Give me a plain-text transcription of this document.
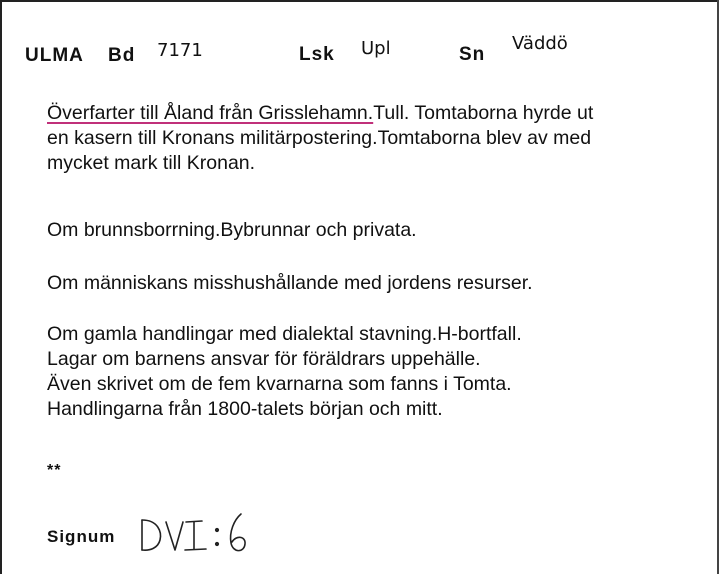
ULMA Bd 7171	Lsk Upl	Sn
Väddö
Överfarter till Åland från Grisslehamn.Tull. Tomtaborna hyrde ut
en kasern till Kronans militärpostering.Tomtaborna blev av med
mycket mark till Kronan.
Om brunnsborrning.Bybrunnar och privata.
Om människans misshushållande med jordens resurser.
Om gamla handlingar med dialektal stavning.H-bortfall.
Lagar om barnens ansvar för föräldrars uppehälle.
Även skrivet om de fem kvarnarna som fanns i Tomta.
Handlingarna från 1800-talets början och mitt.
**
Signum
